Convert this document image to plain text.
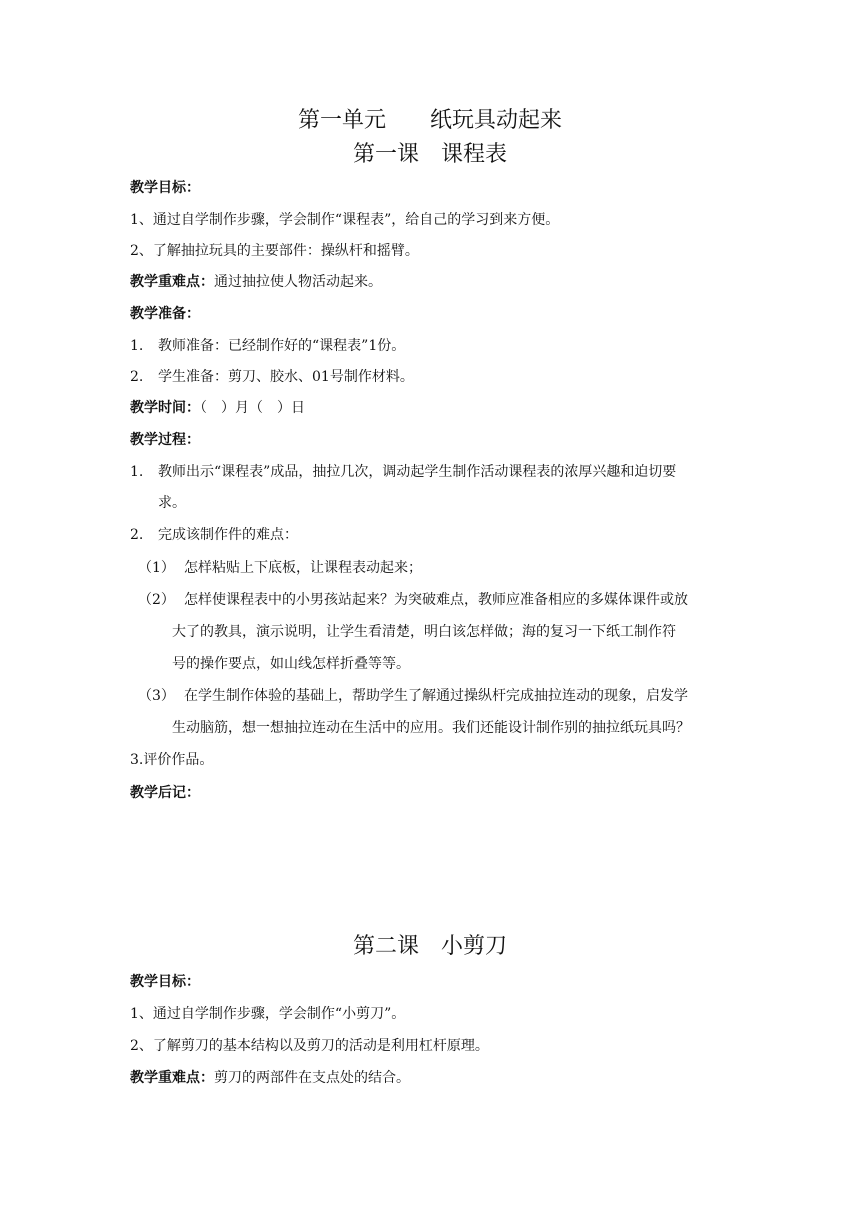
第一单元　　纸玩具动起来
第一课　课程表
教学目标：
1、通过自学制作步骤，学会制作“课程表”，给自己的学习到来方便。
2、了解抽拉玩具的主要部件：操纵杆和摇臂。
教学重难点：通过抽拉使人物活动起来。
教学准备：
1. 教师准备：已经制作好的“课程表”1份。
2. 学生准备：剪刀、胶水、01号制作材料。
教学时间：（　）月（　）日
教学过程：
1. 教师出示“课程表”成品，抽拉几次，调动起学生制作活动课程表的浓厚兴趣和迫切要
求。
2. 完成该制作件的难点：
（1） 怎样粘贴上下底板，让课程表动起来；
（2） 怎样使课程表中的小男孩站起来？为突破难点，教师应准备相应的多媒体课件或放
大了的教具，演示说明，让学生看清楚，明白该怎样做；海的复习一下纸工制作符
号的操作要点，如山线怎样折叠等等。
（3） 在学生制作体验的基础上，帮助学生了解通过操纵杆完成抽拉连动的现象，启发学
生动脑筋，想一想抽拉连动在生活中的应用。我们还能设计制作别的抽拉纸玩具吗？
3.评价作品。
教学后记：
第二课　小剪刀
教学目标：
1、通过自学制作步骤，学会制作“小剪刀”。
2、了解剪刀的基本结构以及剪刀的活动是利用杠杆原理。
教学重难点：剪刀的两部件在支点处的结合。
